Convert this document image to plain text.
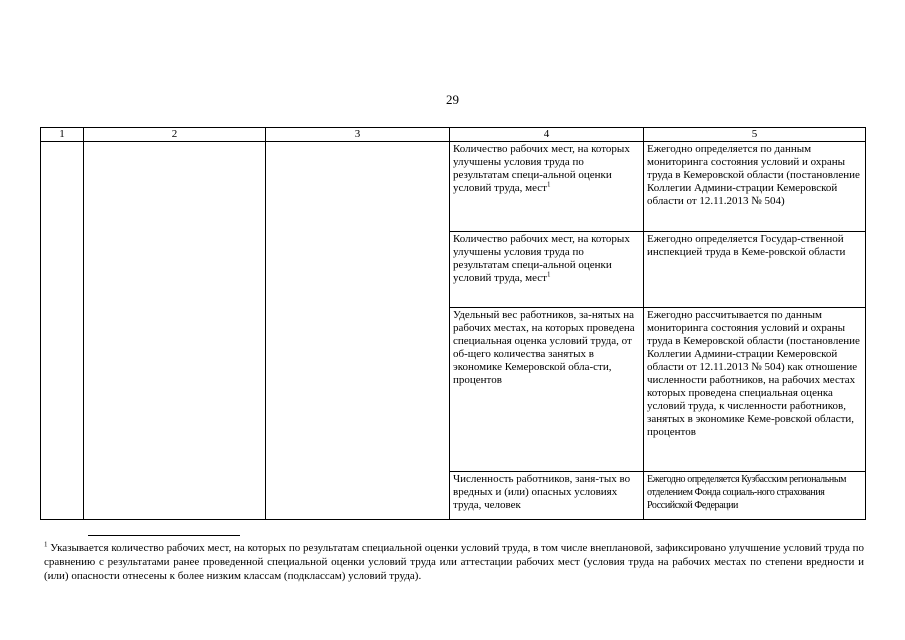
29
1	2	3	4	5
			Количество рабочих мест, на которых улучшены условия труда по результатам специ-альной оценки условий труда, мест$^1$	Ежегодно определяется по данным мониторинга состояния условий и охраны труда в Кемеровской области (постановление Коллегии Админи-страции Кемеровской области от 12.11.2013 № 504)
			Количество рабочих мест, на которых улучшены условия труда по результатам специ-альной оценки условий труда, мест$^1$	Ежегодно определяется Государ-ственной инспекцией труда в Кеме-ровской области
			Удельный вес работников, за-нятых на рабочих местах, на которых проведена специальная оценка условий труда, от об-щего количества занятых в экономике Кемеровской обла-сти, процентов	Ежегодно рассчитывается по данным мониторинга состояния условий и охраны труда в Кемеровской области (постановление Коллегии Админи-страции Кемеровской области от 12.11.2013 № 504) как отношение численности работников, на рабочих местах которых проведена специальная оценка условий труда, к численности работников, занятых в экономике Кеме-ровской области, процентов
			Численность работников, заня-тых во вредных и (или) опасных условиях труда, человек	Ежегодно определяется Кузбасским региональным отделением Фонда социаль-ного страхования Российской Федерации
$^1$ Указывается количество рабочих мест, на которых по результатам специальной оценки условий труда, в том числе внеплановой, зафиксировано улучшение условий труда по сравнению с результатами ранее проведенной специальной оценки условий труда или аттестации рабочих мест (условия труда на рабочих местах по степени вредности и (или) опасности отнесены к более низким классам (подклассам) условий труда).
